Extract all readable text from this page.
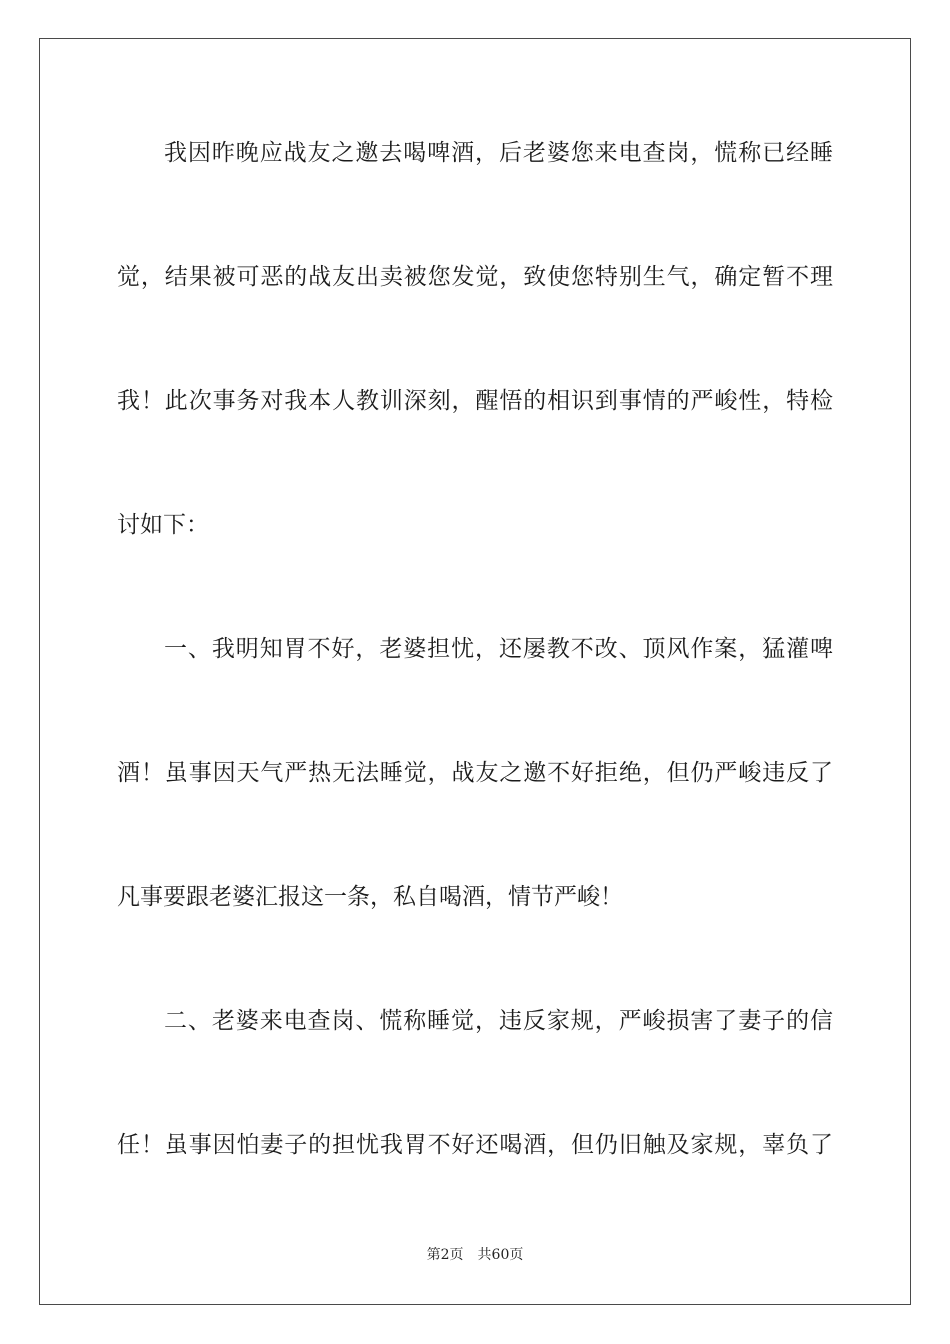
我因昨晚应战友之邀去喝啤酒，后老婆您来电查岗，慌称已经睡
觉，结果被可恶的战友出卖被您发觉，致使您特别生气，确定暂不理
我！此次事务对我本人教训深刻，醒悟的相识到事情的严峻性，特检
讨如下：
一、我明知胃不好，老婆担忧，还屡教不改、顶风作案，猛灌啤
酒！虽事因天气严热无法睡觉，战友之邀不好拒绝，但仍严峻违反了
凡事要跟老婆汇报这一条，私自喝酒，情节严峻！
二、老婆来电查岗、慌称睡觉，违反家规，严峻损害了妻子的信
任！虽事因怕妻子的担忧我胃不好还喝酒，但仍旧触及家规，辜负了
第2页 共60页
